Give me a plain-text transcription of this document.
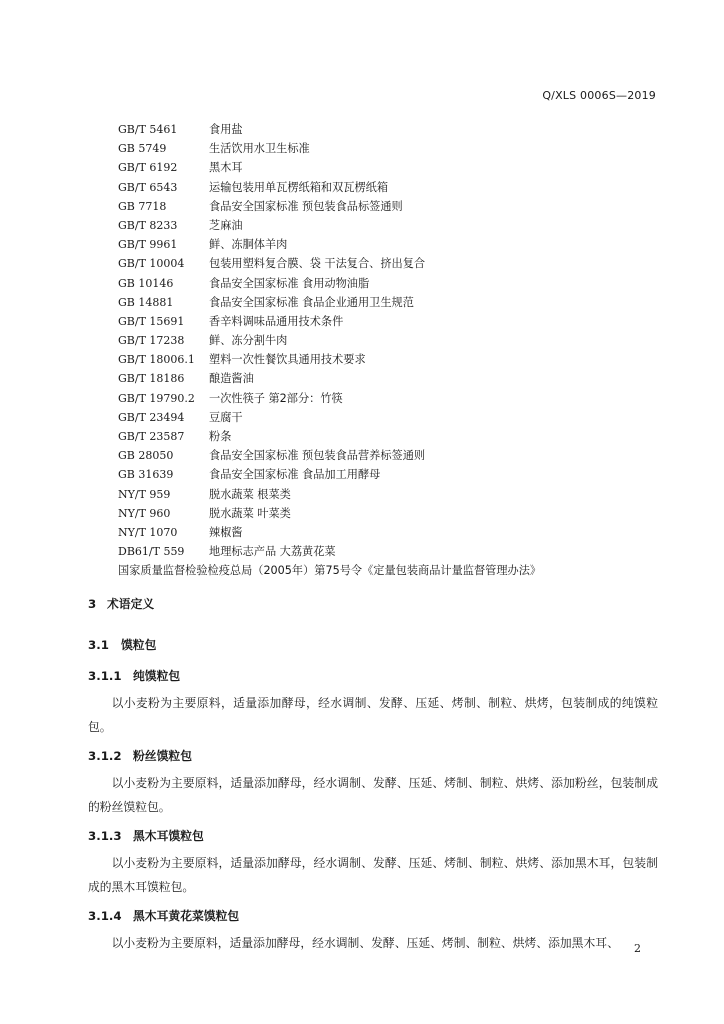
Q/XLS 0006S—2019
GB/T 5461	食用盐
GB 5749	生活饮用水卫生标准
GB/T 6192	黑木耳
GB/T 6543	运输包装用单瓦楞纸箱和双瓦楞纸箱
GB 7718	食品安全国家标准 预包装食品标签通则
GB/T 8233	芝麻油
GB/T 9961	鲜、冻胴体羊肉
GB/T 10004	包装用塑料复合膜、袋 干法复合、挤出复合
GB 10146	食品安全国家标准 食用动物油脂
GB 14881	食品安全国家标准 食品企业通用卫生规范
GB/T 15691	香辛料调味品通用技术条件
GB/T 17238	鲜、冻分割牛肉
GB/T 18006.1	塑料一次性餐饮具通用技术要求
GB/T 18186	酿造酱油
GB/T 19790.2	一次性筷子 第2部分：竹筷
GB/T 23494	豆腐干
GB/T 23587	粉条
GB 28050	食品安全国家标准 预包装食品营养标签通则
GB 31639	食品安全国家标准 食品加工用酵母
NY/T 959	脱水蔬菜 根菜类
NY/T 960	脱水蔬菜 叶菜类
NY/T 1070	辣椒酱
DB61/T 559	地理标志产品 大荔黄花菜
国家质量监督检验检疫总局（2005年）第75号令《定量包装商品计量监督管理办法》
3 术语定义
3.1 馍粒包
3.1.1 纯馍粒包
以小麦粉为主要原料，适量添加酵母，经水调制、发酵、压延、烤制、制粒、烘烤，包装制成的纯馍粒包。
3.1.2 粉丝馍粒包
以小麦粉为主要原料，适量添加酵母，经水调制、发酵、压延、烤制、制粒、烘烤、添加粉丝，包装制成的粉丝馍粒包。
3.1.3 黑木耳馍粒包
以小麦粉为主要原料，适量添加酵母，经水调制、发酵、压延、烤制、制粒、烘烤、添加黑木耳，包装制成的黑木耳馍粒包。
3.1.4 黑木耳黄花菜馍粒包
以小麦粉为主要原料，适量添加酵母，经水调制、发酵、压延、烤制、制粒、烘烤、添加黑木耳、	2
